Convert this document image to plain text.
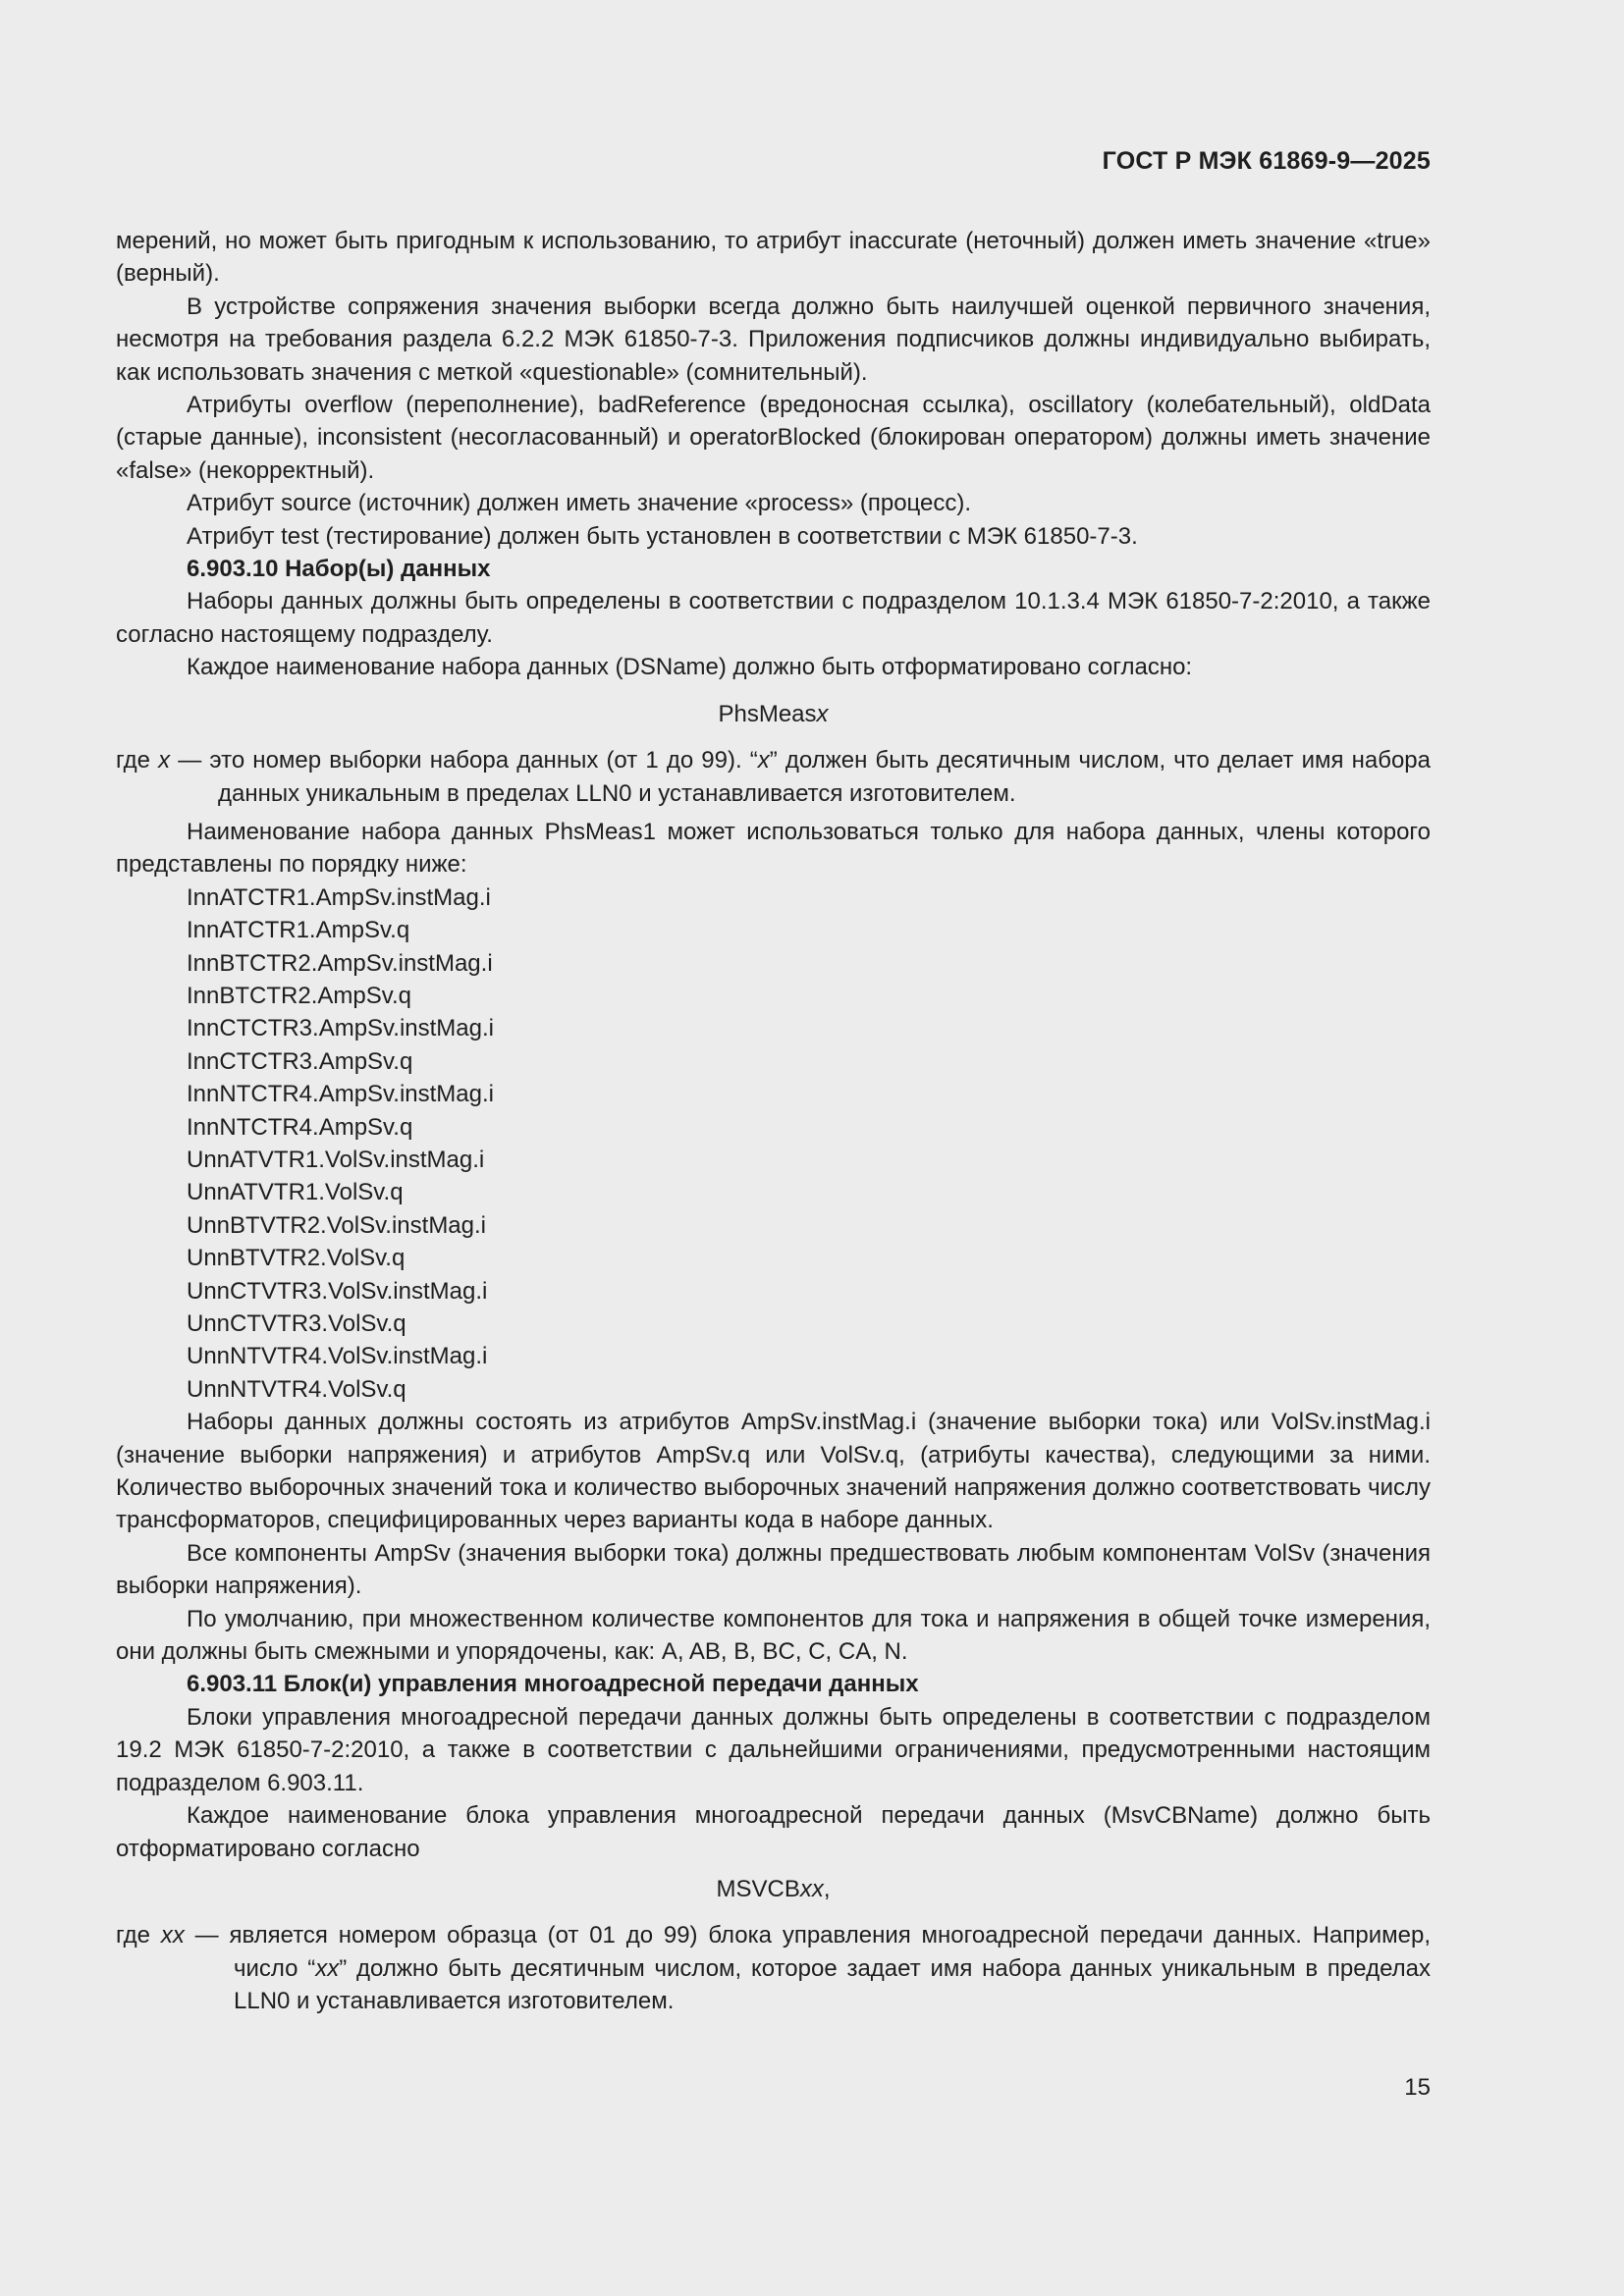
ГОСТ Р МЭК 61869-9—2025

мерений, но может быть пригодным к использованию, то атрибут inaccurate (неточный) должен иметь значение «true» (верный).

В устройстве сопряжения значения выборки всегда должно быть наилучшей оценкой первичного значения, несмотря на требования раздела 6.2.2 МЭК 61850-7-3. Приложения подписчиков должны индивидуально выбирать, как использовать значения с меткой «questionable» (сомнительный).

Атрибуты overflow (переполнение), badReference (вредоносная ссылка), oscillatory (колебательный), oldData (старые данные), inconsistent (несогласованный) и operatorBlocked (блокирован оператором) должны иметь значение «false» (некорректный).

Атрибут source (источник) должен иметь значение «process» (процесс).

Атрибут test (тестирование) должен быть установлен в соответствии с МЭК 61850-7-3.

6.903.10 Набор(ы) данных

Наборы данных должны быть определены в соответствии с подразделом 10.1.3.4 МЭК 61850-7-2:2010, а также согласно настоящему подразделу.

Каждое наименование набора данных (DSName) должно быть отформатировано согласно:

PhsMeasx

где x — это номер выборки набора данных (от 1 до 99). “x” должен быть десятичным числом, что делает имя набора данных уникальным в пределах LLN0 и устанавливается изготовителем.

Наименование набора данных PhsMeas1 может использоваться только для набора данных, члены которого представлены по порядку ниже:

InnATCTR1.AmpSv.instMag.i
InnATCTR1.AmpSv.q
InnBTCTR2.AmpSv.instMag.i
InnBTCTR2.AmpSv.q
InnCTCTR3.AmpSv.instMag.i
InnCTCTR3.AmpSv.q
InnNTCTR4.AmpSv.instMag.i
InnNTCTR4.AmpSv.q
UnnATVTR1.VolSv.instMag.i
UnnATVTR1.VolSv.q
UnnBTVTR2.VolSv.instMag.i
UnnBTVTR2.VolSv.q
UnnCTVTR3.VolSv.instMag.i
UnnCTVTR3.VolSv.q
UnnNTVTR4.VolSv.instMag.i
UnnNTVTR4.VolSv.q

Наборы данных должны состоять из атрибутов AmpSv.instMag.i (значение выборки тока) или VolSv.instMag.i (значение выборки напряжения) и атрибутов AmpSv.q или VolSv.q, (атрибуты качества), следующими за ними. Количество выборочных значений тока и количество выборочных значений напряжения должно соответствовать числу трансформаторов, специфицированных через варианты кода в наборе данных.

Все компоненты AmpSv (значения выборки тока) должны предшествовать любым компонентам VolSv (значения выборки напряжения).

По умолчанию, при множественном количестве компонентов для тока и напряжения в общей точке измерения, они должны быть смежными и упорядочены, как: A, AB, B, BC, C, CA, N.

6.903.11 Блок(и) управления многоадресной передачи данных

Блоки управления многоадресной передачи данных должны быть определены в соответствии с подразделом 19.2 МЭК 61850-7-2:2010, а также в соответствии с дальнейшими ограничениями, предусмотренными настоящим подразделом 6.903.11.

Каждое наименование блока управления многоадресной передачи данных (MsvCBName) должно быть отформатировано согласно

MSVCBxx,

где xx — является номером образца (от 01 до 99) блока управления многоадресной передачи данных. Например, число “xx” должно быть десятичным числом, которое задает имя набора данных уникальным в пределах LLN0 и устанавливается изготовителем.

15
